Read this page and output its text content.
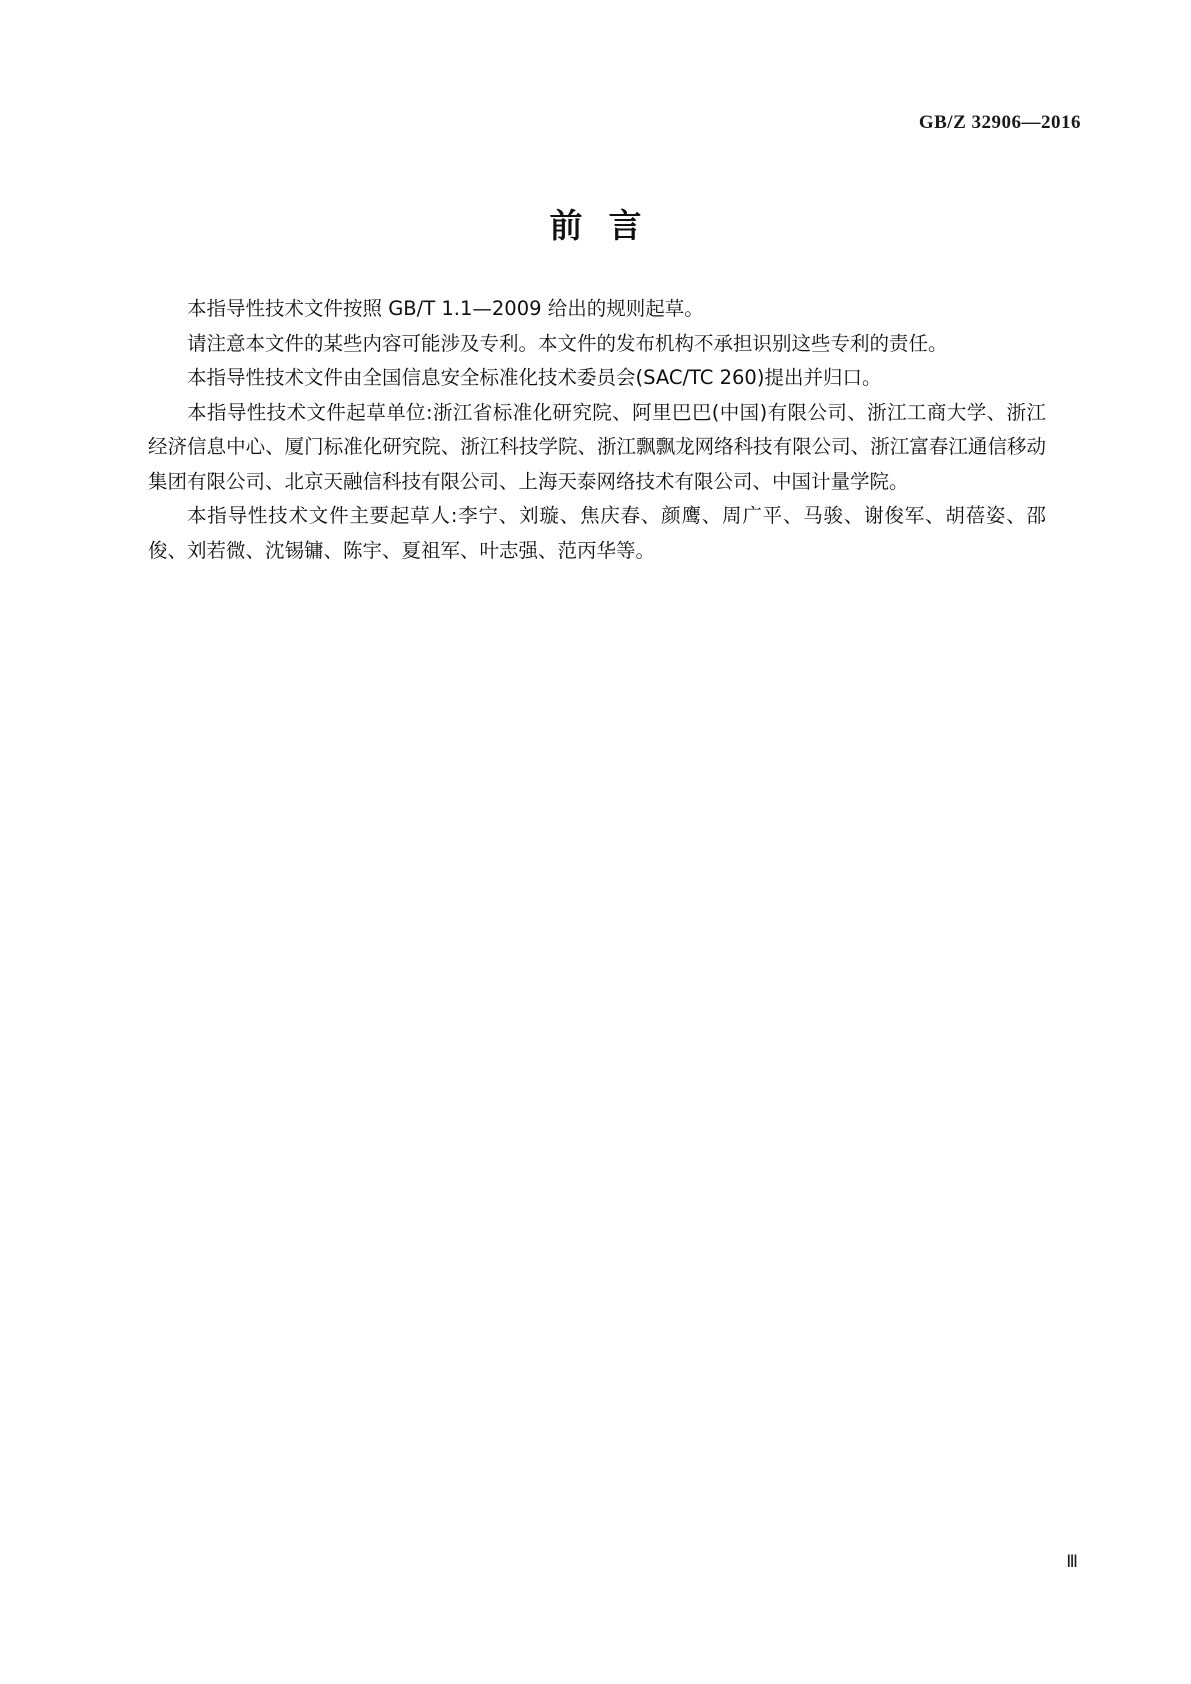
GB/Z 32906—2016
前言

本指导性技术文件按照 GB/T 1.1—2009 给出的规则起草。

请注意本文件的某些内容可能涉及专利。本文件的发布机构不承担识别这些专利的责任。

本指导性技术文件由全国信息安全标准化技术委员会(SAC/TC 260)提出并归口。

本指导性技术文件起草单位:浙江省标准化研究院、阿里巴巴(中国)有限公司、浙江工商大学、浙江经济信息中心、厦门标准化研究院、浙江科技学院、浙江飘飘龙网络科技有限公司、浙江富春江通信移动集团有限公司、北京天融信科技有限公司、上海天泰网络技术有限公司、中国计量学院。

本指导性技术文件主要起草人:李宁、刘璇、焦庆春、颜鹰、周广平、马骏、谢俊军、胡蓓姿、邵俊、刘若微、沈锡镛、陈宇、夏祖军、叶志强、范丙华等。

Ⅲ
